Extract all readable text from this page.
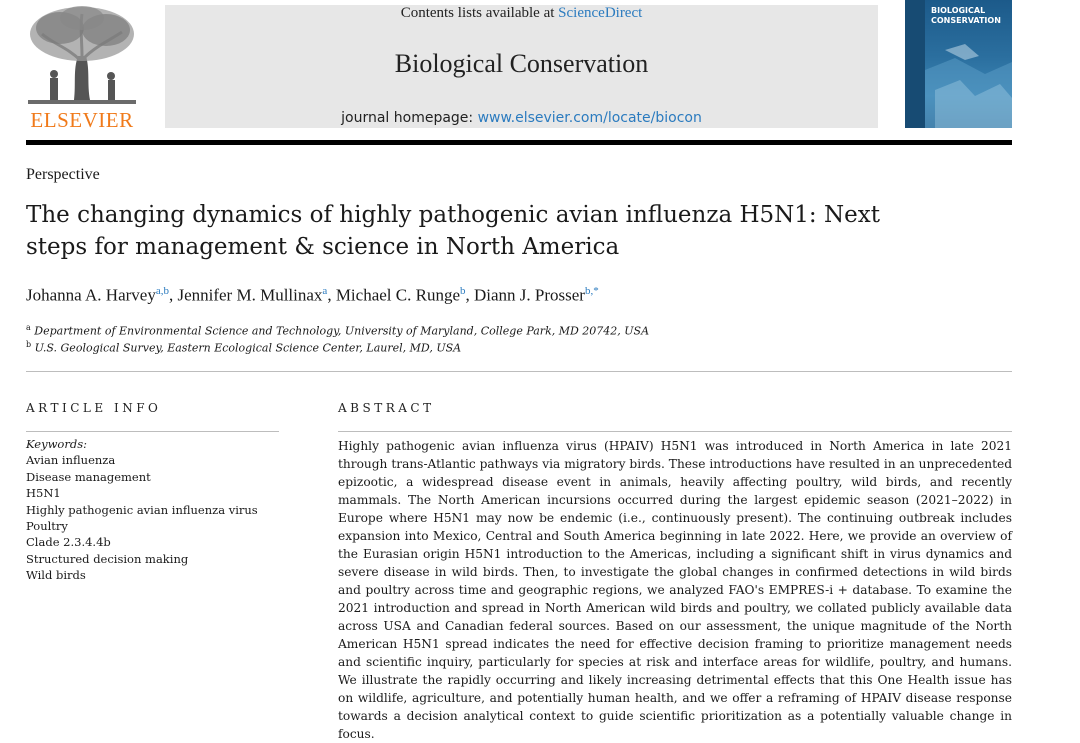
ELSEVIER
Contents lists available at ScienceDirect
Biological Conservation
journal homepage: www.elsevier.com/locate/biocon
BIOLOGICAL CONSERVATION
Perspective
The changing dynamics of highly pathogenic avian influenza H5N1: Next steps for management & science in North America
Johanna A. Harvey$^{a,b}$, Jennifer M. Mullinax$^a$, Michael C. Runge$^b$, Diann J. Prosser$^{b,*}$
$^a$ Department of Environmental Science and Technology, University of Maryland, College Park, MD 20742, USA
$^b$ U.S. Geological Survey, Eastern Ecological Science Center, Laurel, MD, USA
ARTICLE INFO
Keywords:
Avian influenza
Disease management
H5N1
Highly pathogenic avian influenza virus
Poultry
Clade 2.3.4.4b
Structured decision making
Wild birds
ABSTRACT
Highly pathogenic avian influenza virus (HPAIV) H5N1 was introduced in North America in late 2021 through trans-Atlantic pathways via migratory birds. These introductions have resulted in an unprecedented epizootic, a widespread disease event in animals, heavily affecting poultry, wild birds, and recently mammals. The North American incursions occurred during the largest epidemic season (2021–2022) in Europe where H5N1 may now be endemic (i.e., continuously present). The continuing outbreak includes expansion into Mexico, Central and South America beginning in late 2022. Here, we provide an overview of the Eurasian origin H5N1 introduction to the Americas, including a significant shift in virus dynamics and severe disease in wild birds. Then, to investigate the global changes in confirmed detections in wild birds and poultry across time and geographic regions, we analyzed FAO's EMPRES-i + database. To examine the 2021 introduction and spread in North American wild birds and poultry, we collated publicly available data across USA and Canadian federal sources. Based on our assessment, the unique magnitude of the North American H5N1 spread indicates the need for effective decision framing to prioritize management needs and scientific inquiry, particularly for species at risk and interface areas for wildlife, poultry, and humans. We illustrate the rapidly occurring and likely increasing detrimental effects that this One Health issue has on wildlife, agriculture, and potentially human health, and we offer a reframing of HPAIV disease response towards a decision analytical context to guide scientific prioritization as a potentially valuable change in focus.
